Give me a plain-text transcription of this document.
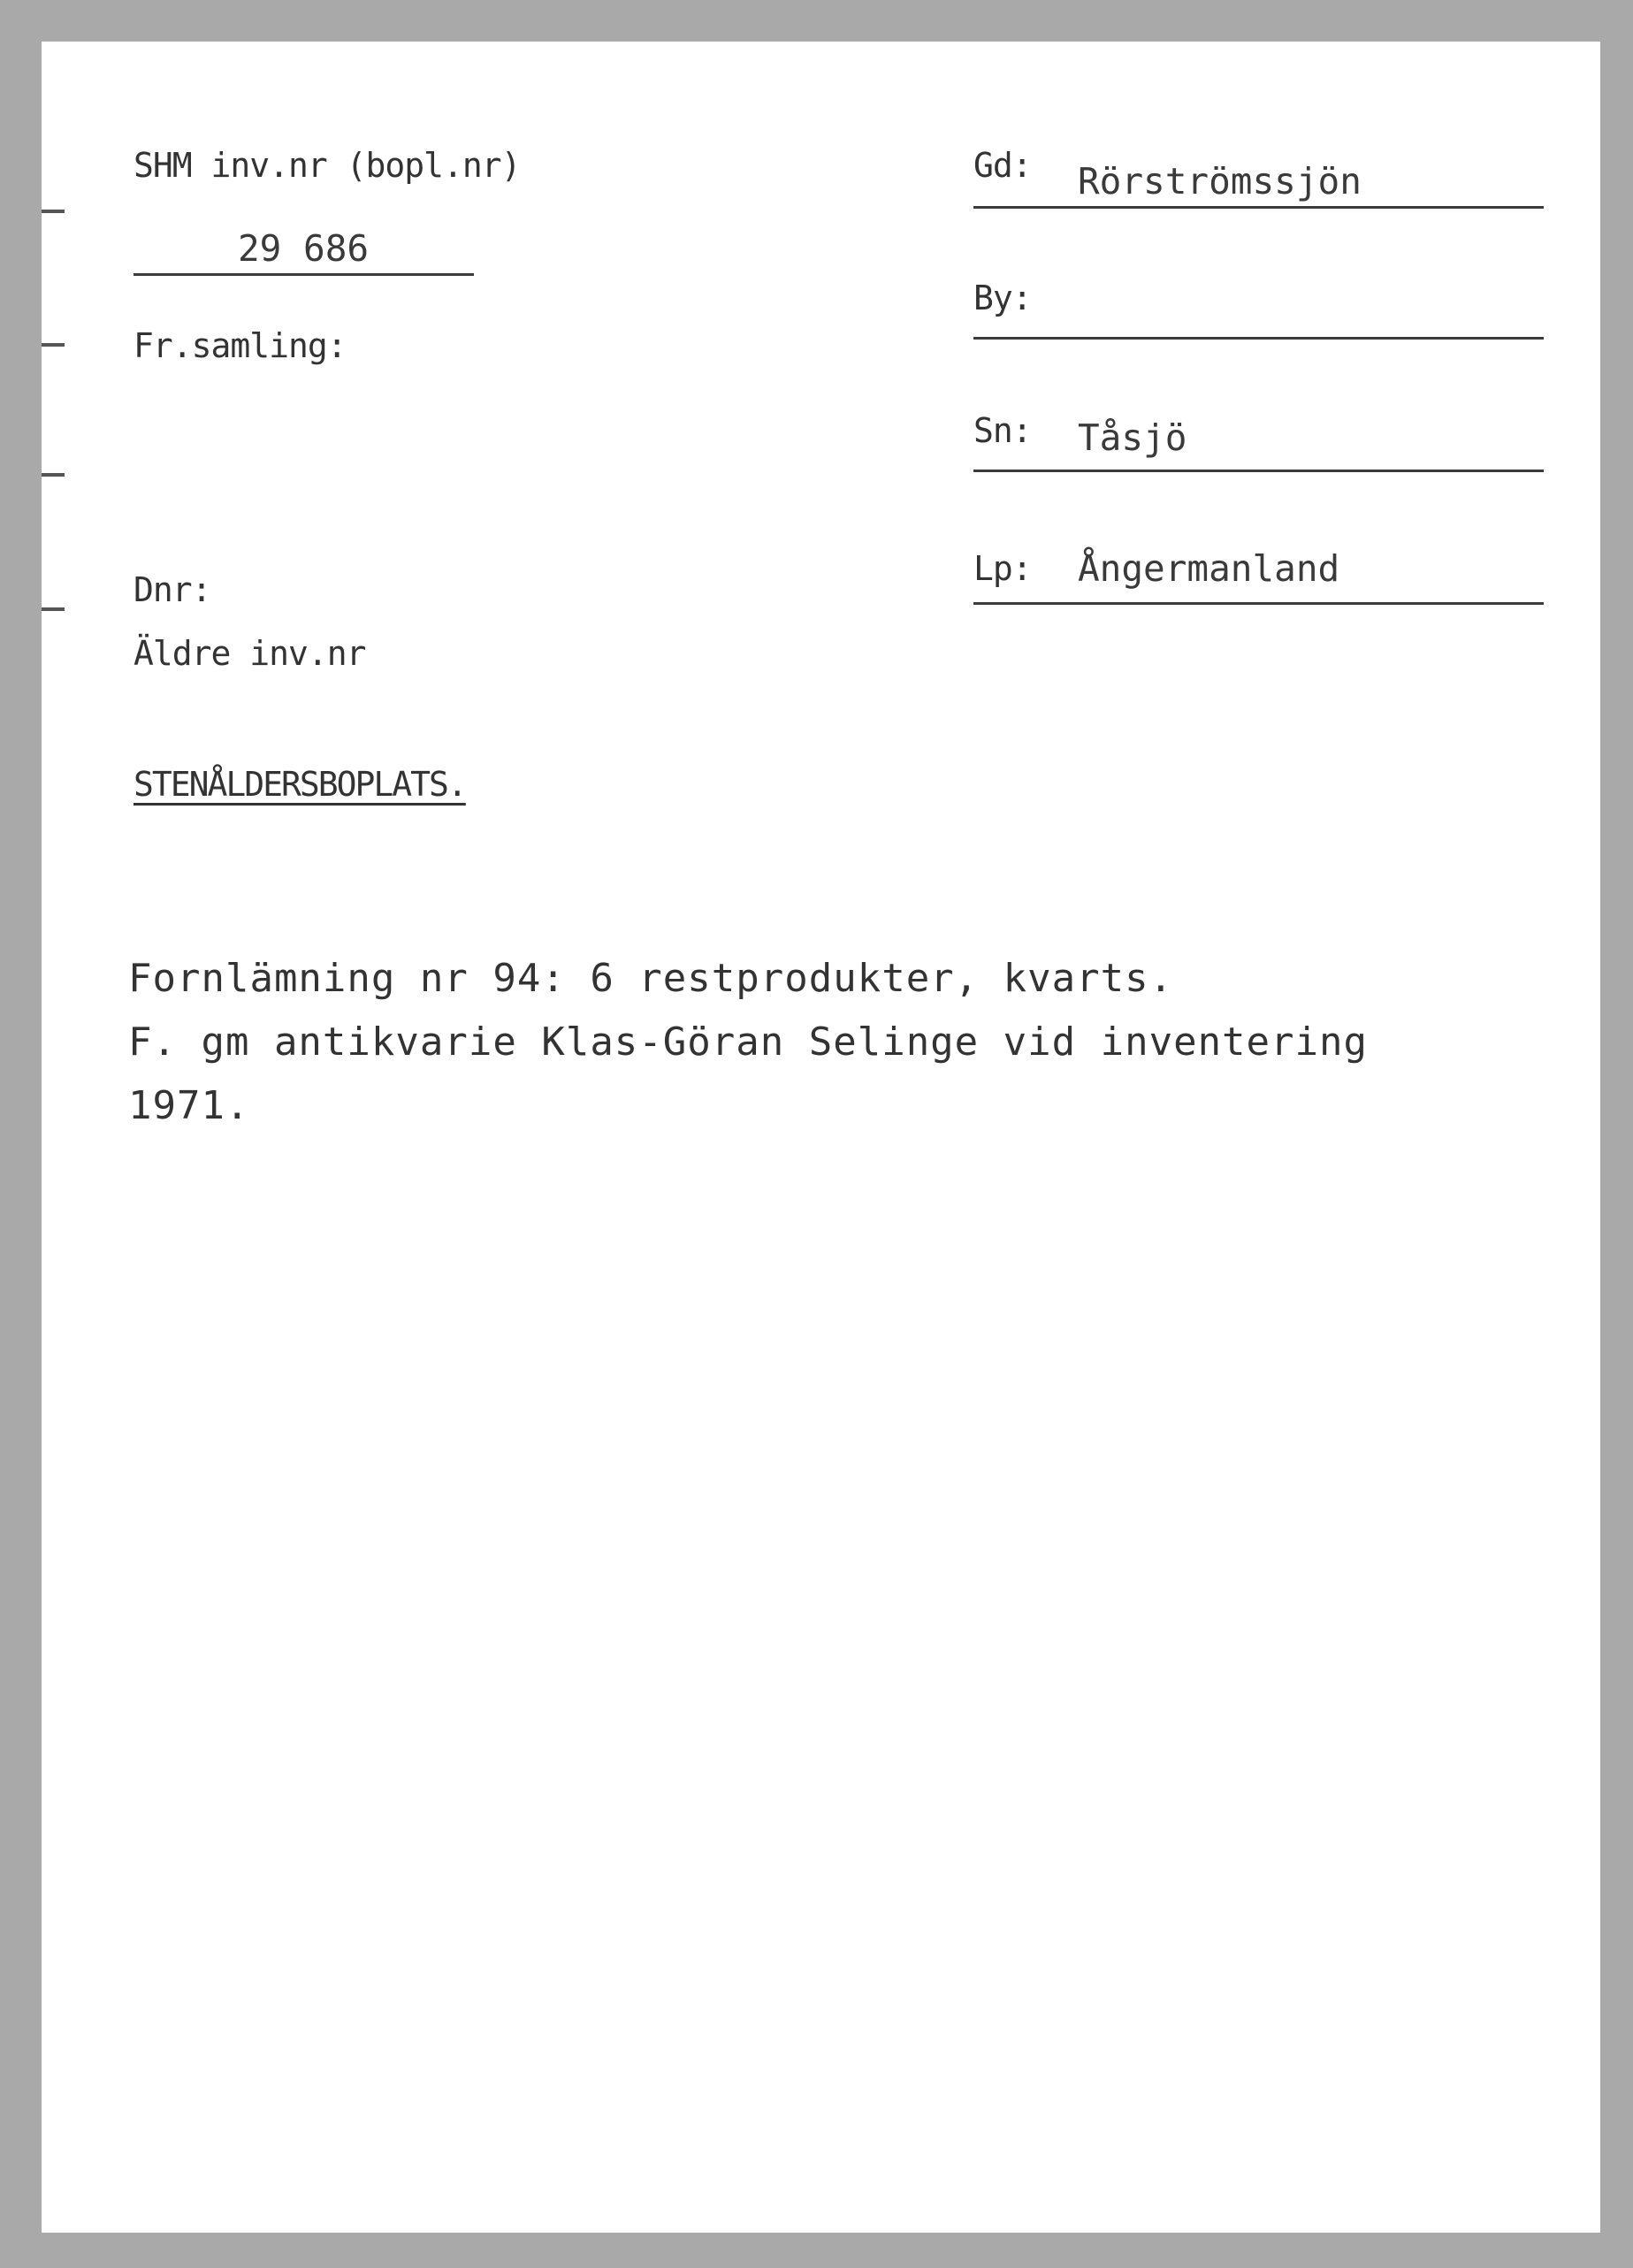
SHM inv.nr (bopl.nr)
29 686
Fr.samling:
Dnr:
Äldre inv.nr
Gd: Rörströmssjön
By:
Sn: Tåsjö
Lp: Ångermanland
STENÅLDERSBOPLATS.
Fornlämning nr 94: 6 restprodukter, kvarts.
F. gm antikvarie Klas-Göran Selinge vid inventering
1971.
